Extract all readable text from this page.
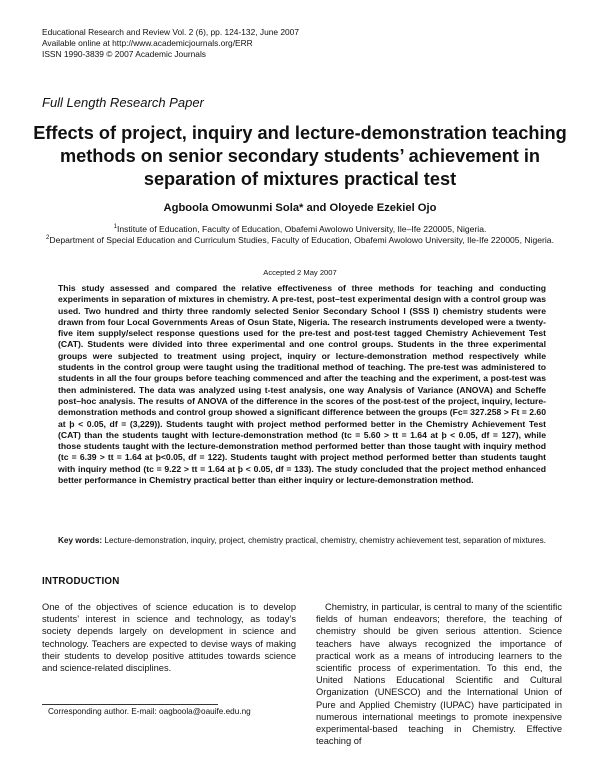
Educational Research and Review Vol. 2 (6), pp. 124-132, June 2007
Available online at http://www.academicjournals.org/ERR
ISSN 1990-3839 © 2007 Academic Journals
Full Length Research Paper
Effects of project, inquiry and lecture-demonstration teaching methods on senior secondary students’ achievement in separation of mixtures practical test
Agboola Omowunmi Sola* and Oloyede Ezekiel Ojo
$^1$Institute of Education, Faculty of Education, Obafemi Awolowo University, Ile–Ife 220005, Nigeria.
$^2$Department of Special Education and Curriculum Studies, Faculty of Education, Obafemi Awolowo University, Ile-Ife 220005, Nigeria.
Accepted 2 May 2007
This study assessed and compared the relative effectiveness of three methods for teaching and conducting experiments in separation of mixtures in chemistry. A pre-test, post–test experimental design with a control group was used. Two hundred and thirty three randomly selected Senior Secondary School I (SSS I) chemistry students were drawn from four Local Governments Areas of Osun State, Nigeria. The research instruments developed were a twenty-five item supply/select response questions used for the pre-test and post-test tagged Chemistry Achievement Test (CAT). Students were divided into three experimental and one control groups. Students in the three experimental groups were subjected to treatment using project, inquiry or lecture-demonstration method respectively while students in the control group were taught using the traditional method of teaching. The pre-test was administered to students in all the four groups before teaching commenced and after the teaching and the experiment, a post-test was then administered. The data was analyzed using t-test analysis, one way Analysis of Variance (ANOVA) and Scheffe post–hoc analysis. The results of ANOVA of the difference in the scores of the post-test of the project, inquiry, lecture-demonstration methods and control group showed a significant difference between the groups (Fc= 327.258 > Ft = 2.60 at þ < 0.05, df = (3,229)). Students taught with project method performed better in the Chemistry Achievement Test (CAT) than the students taught with lecture-demonstration method (tc = 5.60 > tt = 1.64 at þ < 0.05, df = 127), while those students taught with the lecture-demonstration method performed better than those taught with inquiry method (tc = 6.39 > tt = 1.64 at þ<0.05, df = 122). Students taught with project method performed better than students taught with inquiry method (tc = 9.22 > tt = 1.64 at þ < 0.05, df = 133). The study concluded that the project method enhanced better performance in Chemistry practical better than either inquiry or lecture-demonstration method.
Key words: Lecture-demonstration, inquiry, project, chemistry practical, chemistry, chemistry achievement test, separation of mixtures.
INTRODUCTION
One of the objectives of science education is to develop students’ interest in science and technology, as today’s society depends largely on development in science and technology. Teachers are expected to devise ways of making their students to develop positive attitudes towards science and science-related disciplines.
Chemistry, in particular, is central to many of the scientific fields of human endeavors; therefore, the teaching of chemistry should be given serious attention. Science teachers have always recognized the importance of practical work as a means of introducing learners to the scientific process of experimentation. To this end, the United Nations Educational Scientific and Cultural Organization (UNESCO) and the International Union of Pure and Applied Chemistry (IUPAC) have participated in numerous international meetings to promote inexpensive experimental-based teaching in Chemistry. Effective teaching of
Corresponding author. E-mail: oagboola@oauife.edu.ng
